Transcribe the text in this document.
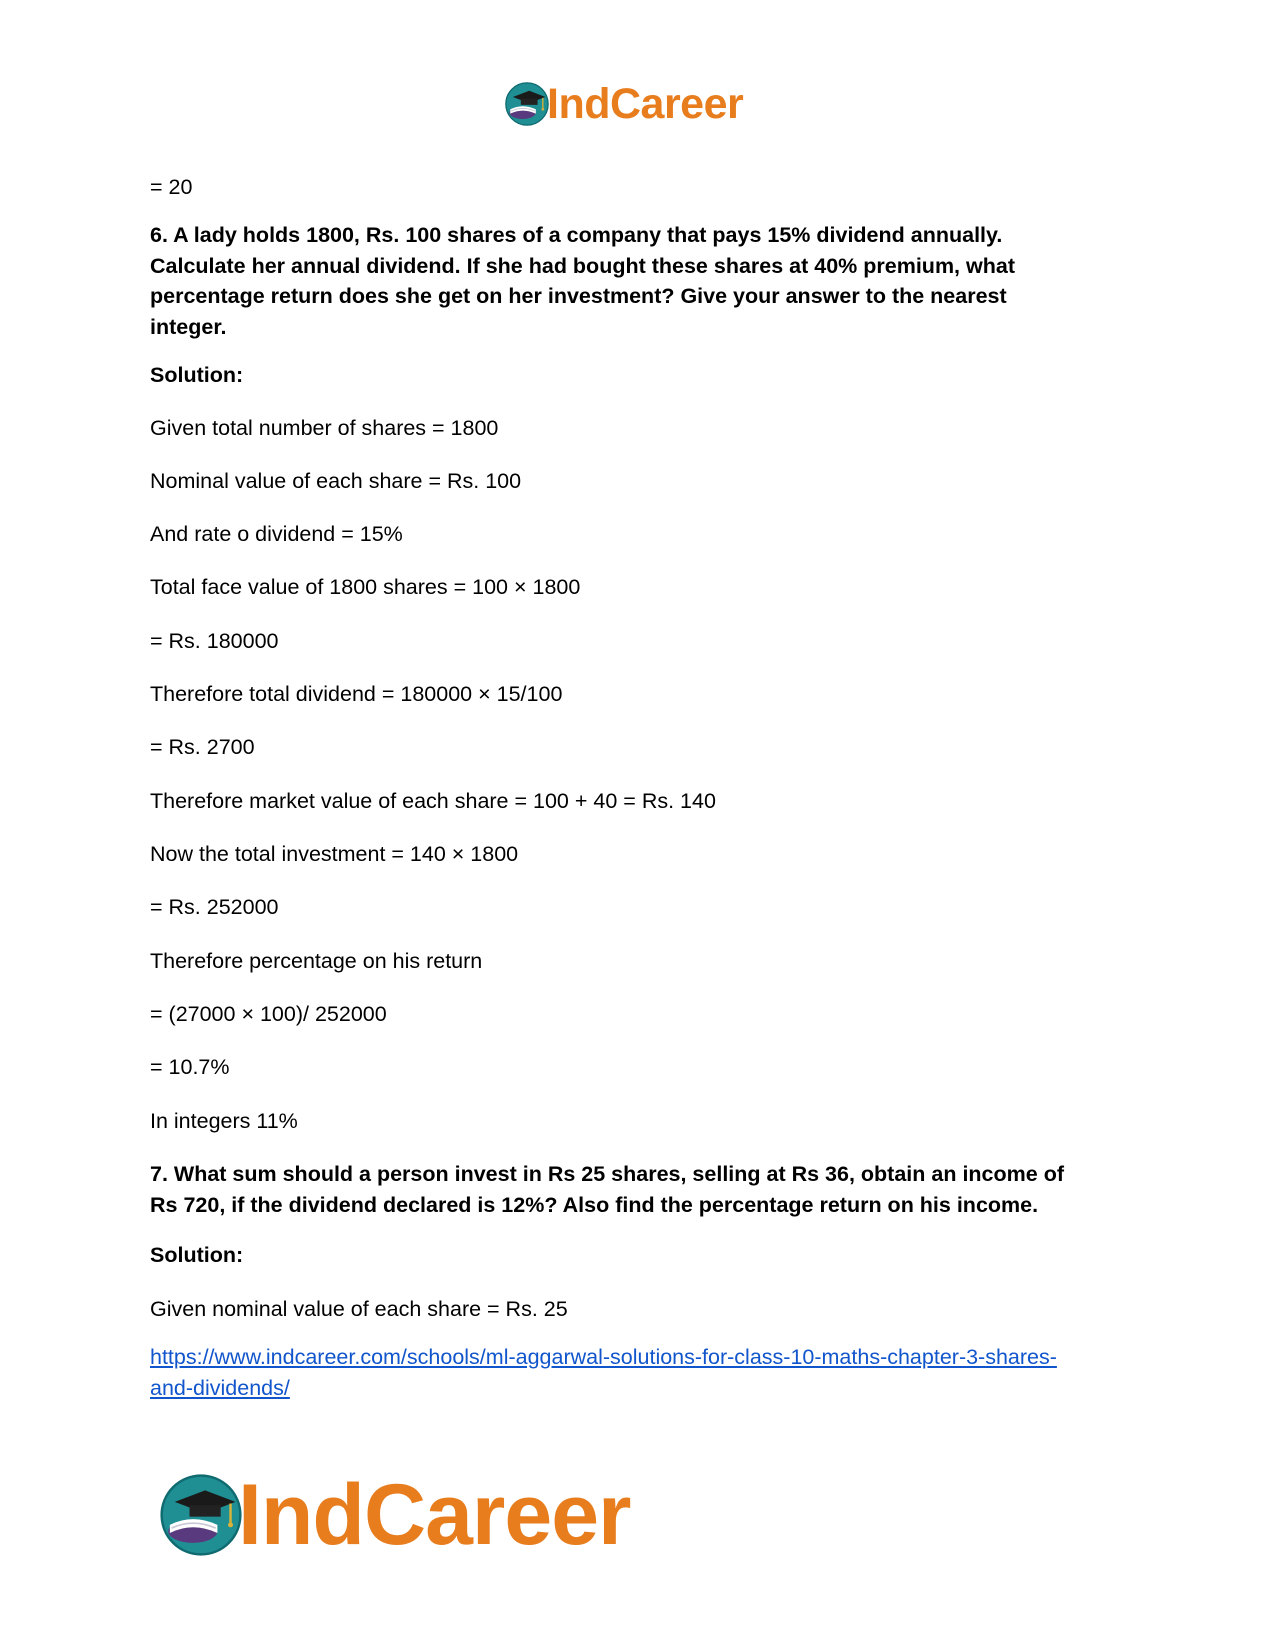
IndCareer
= 20
6. A lady holds 1800, Rs. 100 shares of a company that pays 15% dividend annually.
Calculate her annual dividend. If she had bought these shares at 40% premium, what
percentage return does she get on her investment? Give your answer to the nearest
integer.
Solution:
Given total number of shares = 1800
Nominal value of each share = Rs. 100
And rate o dividend = 15%
Total face value of 1800 shares = 100 × 1800
= Rs. 180000
Therefore total dividend = 180000 × 15/100
= Rs. 2700
Therefore market value of each share = 100 + 40 = Rs. 140
Now the total investment = 140 × 1800
= Rs. 252000
Therefore percentage on his return
= (27000 × 100)/ 252000
= 10.7%
In integers 11%
7. What sum should a person invest in Rs 25 shares, selling at Rs 36, obtain an income of
Rs 720, if the dividend declared is 12%? Also find the percentage return on his income.
Solution:
Given nominal value of each share = Rs. 25
https://www.indcareer.com/schools/ml-aggarwal-solutions-for-class-10-maths-chapter-3-shares-
and-dividends/
IndCareer
